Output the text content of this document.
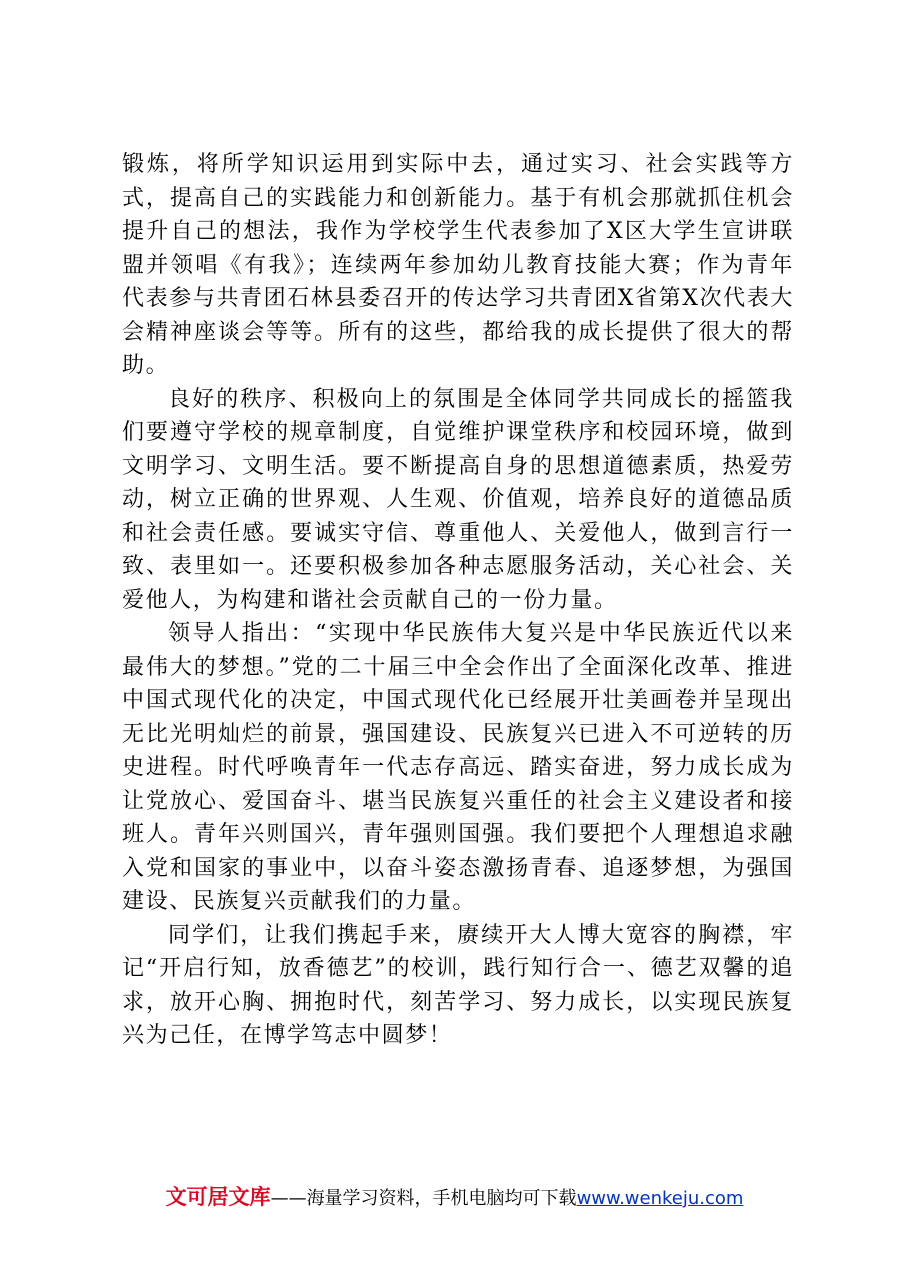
锻炼，将所学知识运用到实际中去，通过实习、社会实践等方式，提高自己的实践能力和创新能力。基于有机会那就抓住机会提升自己的想法，我作为学校学生代表参加了X区大学生宣讲联盟并领唱《有我》；连续两年参加幼儿教育技能大赛；作为青年代表参与共青团石林县委召开的传达学习共青团X省第X次代表大会精神座谈会等等。所有的这些，都给我的成长提供了很大的帮助。

良好的秩序、积极向上的氛围是全体同学共同成长的摇篮我们要遵守学校的规章制度，自觉维护课堂秩序和校园环境，做到文明学习、文明生活。要不断提高自身的思想道德素质，热爱劳动，树立正确的世界观、人生观、价值观，培养良好的道德品质和社会责任感。要诚实守信、尊重他人、关爱他人，做到言行一致、表里如一。还要积极参加各种志愿服务活动，关心社会、关爱他人，为构建和谐社会贡献自己的一份力量。

领导人指出：“实现中华民族伟大复兴是中华民族近代以来最伟大的梦想。”党的二十届三中全会作出了全面深化改革、推进中国式现代化的决定，中国式现代化已经展开壮美画卷并呈现出无比光明灿烂的前景，强国建设、民族复兴已进入不可逆转的历史进程。时代呼唤青年一代志存高远、踏实奋进，努力成长成为让党放心、爱国奋斗、堪当民族复兴重任的社会主义建设者和接班人。青年兴则国兴，青年强则国强。我们要把个人理想追求融入党和国家的事业中，以奋斗姿态激扬青春、追逐梦想，为强国建设、民族复兴贡献我们的力量。

同学们，让我们携起手来，赓续开大人博大宽容的胸襟，牢记“开启行知，放香德艺”的校训，践行知行合一、德艺双馨的追求，放开心胸、拥抱时代，刻苦学习、努力成长，以实现民族复兴为己任，在博学笃志中圆梦！

文可居文库——海量学习资料，手机电脑均可下载www.wenkeju.com
